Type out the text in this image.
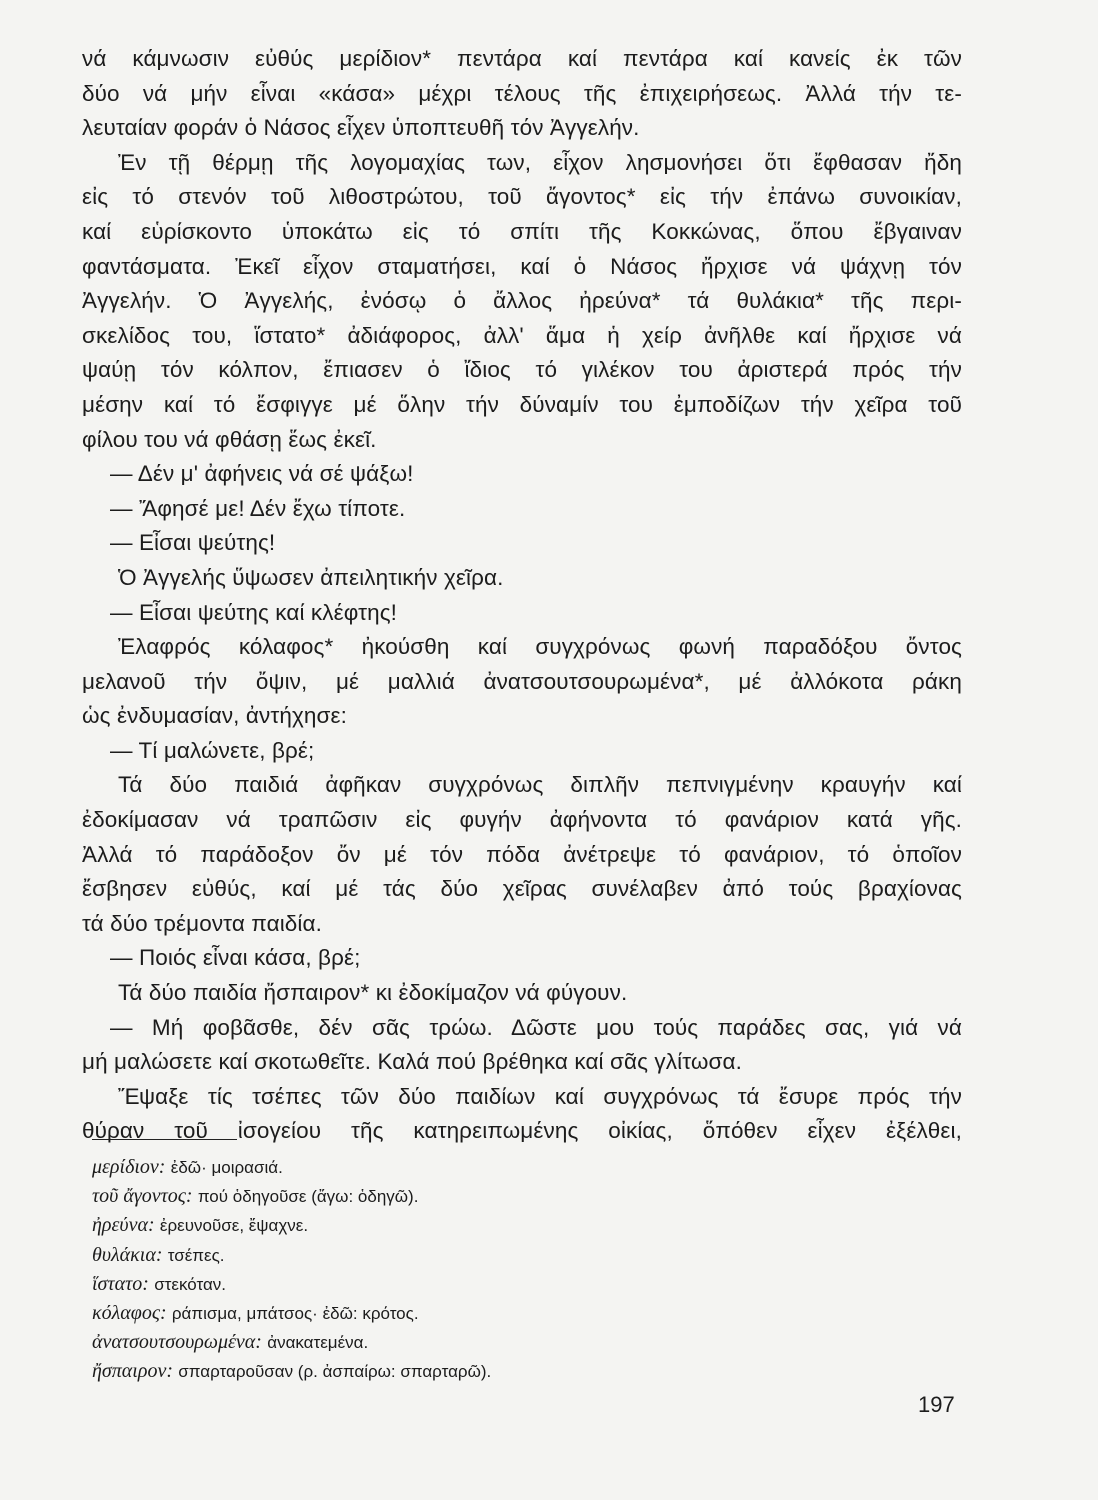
νά κάμνωσιν εὐθύς μερίδιον* πεντάρα καί πεντάρα καί κανείς ἐκ τῶν
δύο νά μήν εἶναι «κάσα» μέχρι τέλους τῆς ἐπιχειρήσεως. Ἀλλά τήν τε-
λευταίαν φοράν ὁ Νάσος εἶχεν ὑποπτευθῆ τόν Ἀγγελήν.
Ἐν τῇ θέρμῃ τῆς λογομαχίας των, εἶχον λησμονήσει ὅτι ἔφθασαν ἤδη
εἰς τό στενόν τοῦ λιθοστρώτου, τοῦ ἄγοντος* εἰς τήν ἐπάνω συνοικίαν,
καί εὑρίσκοντο ὑποκάτω εἰς τό σπίτι τῆς Κοκκώνας, ὅπου ἔβγαιναν
φαντάσματα. Ἐκεῖ εἶχον σταματήσει, καί ὁ Νάσος ἤρχισε νά ψάχνῃ τόν
Ἀγγελήν. Ὁ Ἀγγελής, ἐνόσῳ ὁ ἄλλος ἠρεύνα* τά θυλάκια* τῆς περι-
σκελίδος του, ἵστατο* ἀδιάφορος, ἀλλ' ἅμα ἡ χείρ ἀνῆλθε καί ἤρχισε νά
ψαύῃ τόν κόλπον, ἔπιασεν ὁ ἴδιος τό γιλέκον του ἀριστερά πρός τήν
μέσην καί τό ἔσφιγγε μέ ὅλην τήν δύναμίν του ἐμποδίζων τήν χεῖρα τοῦ
φίλου του νά φθάσῃ ἕως ἐκεῖ.
— Δέν μ' ἀφήνεις νά σέ ψάξω!
— Ἄφησέ με! Δέν ἔχω τίποτε.
— Εἶσαι ψεύτης!
Ὁ Ἀγγελής ὕψωσεν ἀπειλητικήν χεῖρα.
— Εἶσαι ψεύτης καί κλέφτης!
Ἐλαφρός κόλαφος* ἠκούσθη καί συγχρόνως φωνή παραδόξου ὄντος
μελανοῦ τήν ὄψιν, μέ μαλλιά ἀνατσουτσουρωμένα*, μέ ἀλλόκοτα ράκη
ὡς ἐνδυμασίαν, ἀντήχησε:
— Τί μαλώνετε, βρέ;
Τά δύο παιδιά ἀφῆκαν συγχρόνως διπλῆν πεπνιγμένην κραυγήν καί
ἐδοκίμασαν νά τραπῶσιν εἰς φυγήν ἀφήνοντα τό φανάριον κατά γῆς.
Ἀλλά τό παράδοξον ὄν μέ τόν πόδα ἀνέτρεψε τό φανάριον, τό ὁποῖον
ἔσβησεν εὐθύς, καί μέ τάς δύο χεῖρας συνέλαβεν ἀπό τούς βραχίονας
τά δύο τρέμοντα παιδία.
— Ποιός εἶναι κάσα, βρέ;
Τά δύο παιδία ἤσπαιρον* κι ἐδοκίμαζον νά φύγουν.
— Μή φοβᾶσθε, δέν σᾶς τρώω. Δῶστε μου τούς παράδες σας, γιά νά
μή μαλώσετε καί σκοτωθεῖτε. Καλά πού βρέθηκα καί σᾶς γλίτωσα.
Ἔψαξε τίς τσέπες τῶν δύο παιδίων καί συγχρόνως τά ἔσυρε πρός τήν
θύραν τοῦ ἰσογείου τῆς κατηρειπωμένης οἰκίας, ὅπόθεν εἶχεν ἐξέλθει,
μερίδιον: ἐδῶ· μοιρασιά.
τοῦ ἄγοντος: πού ὁδηγοῦσε (ἄγω: ὁδηγῶ).
ἠρεύνα: ἐρευνοῦσε, ἔψαχνε.
θυλάκια: τσέπες.
ἵστατο: στεκόταν.
κόλαφος: ράπισμα, μπάτσος· ἐδῶ: κρότος.
ἀνατσουτσουρωμένα: ἀνακατεμένα.
ἤσπαιρον: σπαρταροῦσαν (ρ. ἀσπαίρω: σπαρταρῶ).
197
